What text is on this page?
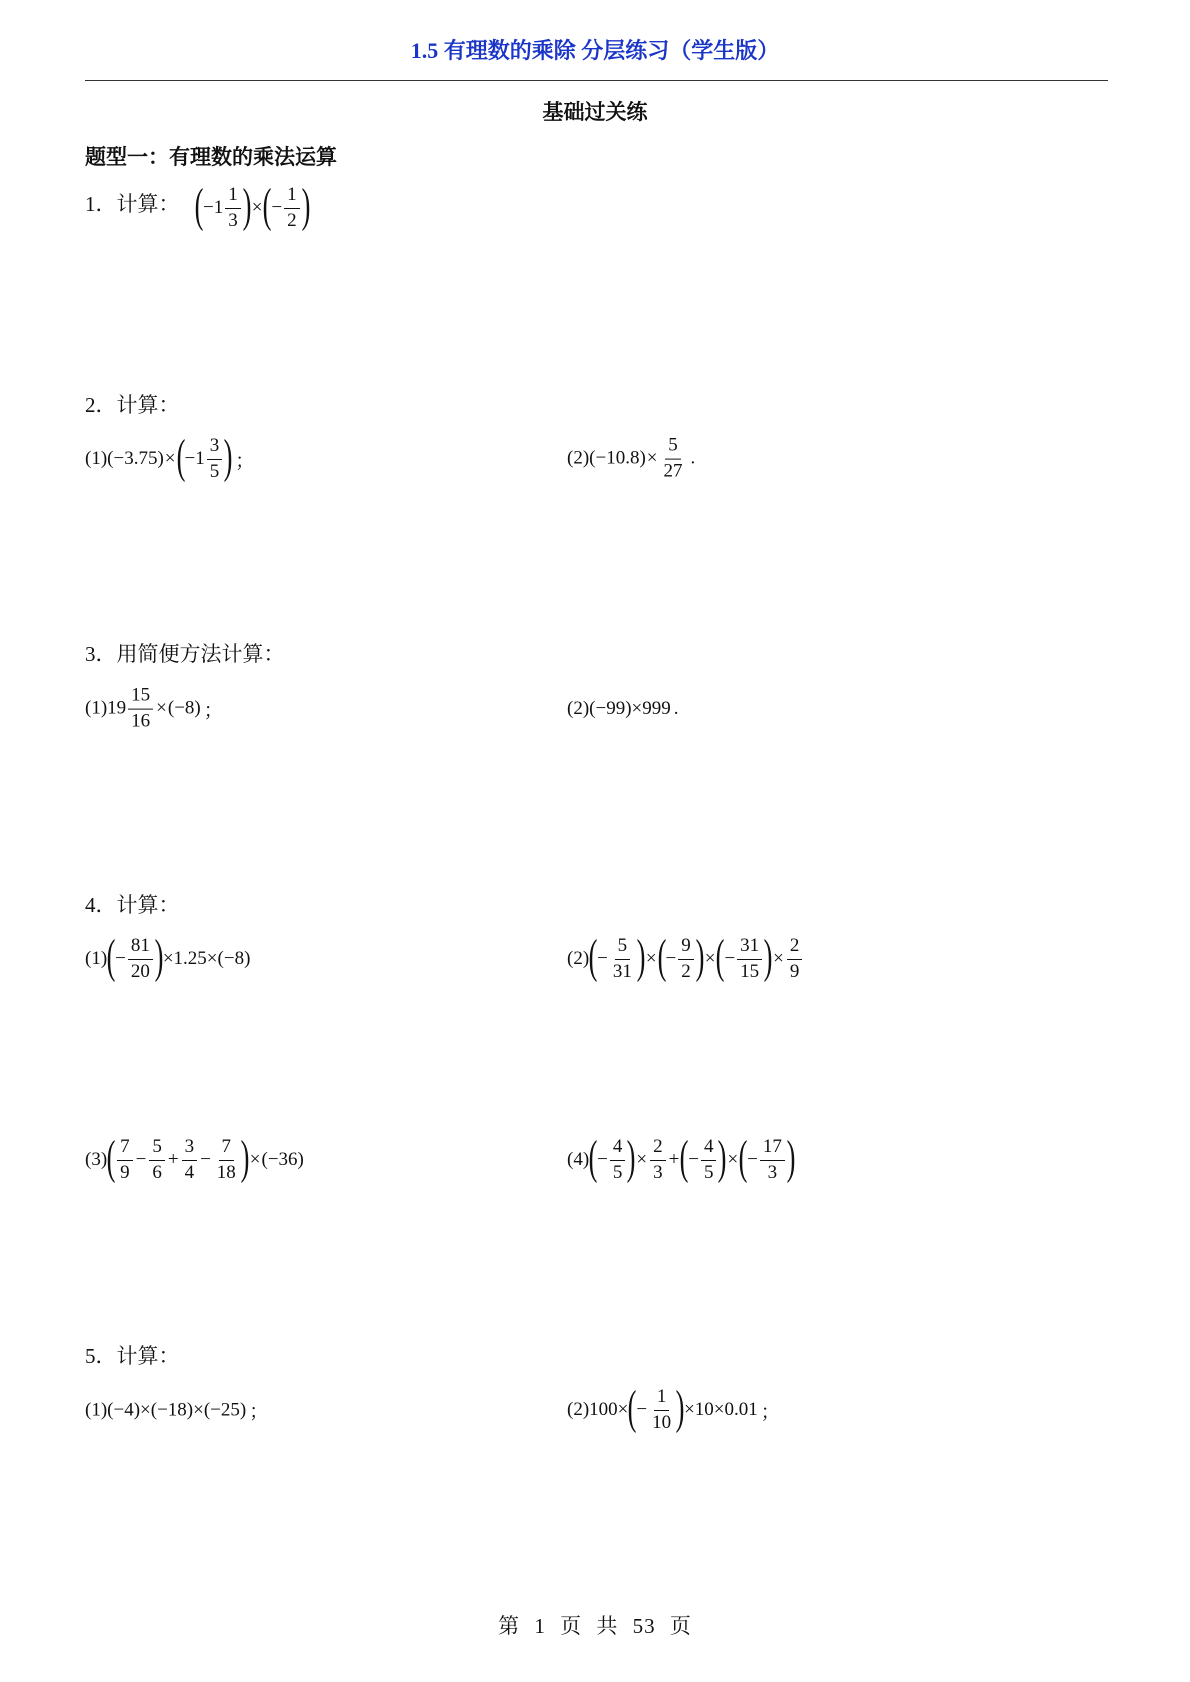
1.5 有理数的乘除 分层练习（学生版）
基础过关练
题型一：有理数的乘法运算
1．计算： ( $-1 \frac{1}{3}$ ) × ( − $\frac{1}{2}$ )
2．计算：
(1) (−3.75) × ( $-1 \frac{3}{5}$ ) ；	(2) $(-10.8) \times \frac{5}{27}$ .
3．用简便方法计算：
(1) $19 \frac{15}{16} \times (-8)$ ；	(2) (−99) ×999 .
4．计算：
(1) ( − $\frac{81}{20}$ ) ×1.25× (−8)	(2) ( − $\frac{5}{31}$ ) × ( − $\frac{9}{2}$ ) × ( − $\frac{31}{15}$ ) × $\frac{2}{9}$
(3) ( $\frac{7}{9} - \frac{5}{6} + \frac{3}{4} - \frac{7}{18}$ ) × (−36)	(4) ( − $\frac{4}{5}$ ) × $\frac{2}{3}$ + ( − $\frac{4}{5}$ ) × ( − $\frac{17}{3}$ )
5．计算：
(1) (−4)×(−18)×(−25) ；	(2) 100× ( − $\frac{1}{10}$ ) ×10×0.01 ；
第 1 页 共 53 页
